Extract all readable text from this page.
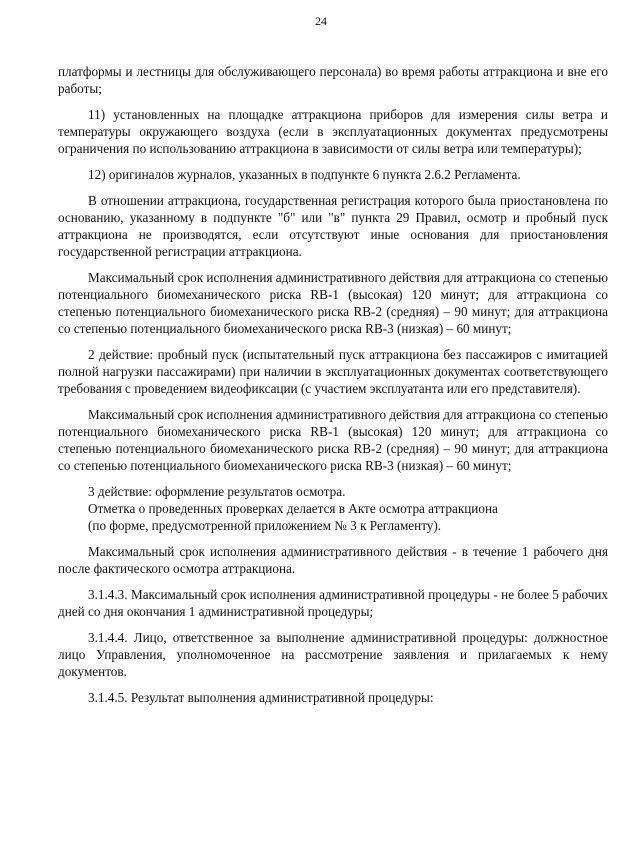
24

платформы и лестницы для обслуживающего персонала) во время работы аттракциона и вне его работы;

11) установленных на площадке аттракциона приборов для измерения силы ветра и температуры окружающего воздуха (если в эксплуатационных документах предусмотрены ограничения по использованию аттракциона в зависимости от силы ветра или температуры);

12) оригиналов журналов, указанных в подпункте 6 пункта 2.6.2 Регламента.

В отношении аттракциона, государственная регистрация которого была приостановлена по основанию, указанному в подпункте "б" или "в" пункта 29 Правил, осмотр и пробный пуск аттракциона не производятся, если отсутствуют иные основания для приостановления государственной регистрации аттракциона.

Максимальный срок исполнения административного действия для аттракциона со степенью потенциального биомеханического риска RB-1 (высокая) 120 минут; для аттракциона со степенью потенциального биомеханического риска RB-2 (средняя) – 90 минут; для аттракциона со степенью потенциального биомеханического риска RB-3 (низкая) – 60 минут;

2 действие: пробный пуск (испытательный пуск аттракциона без пассажиров с имитацией полной нагрузки пассажирами) при наличии в эксплуатационных документах соответствующего требования с проведением видеофиксации (с участием эксплуатанта или его представителя).

Максимальный срок исполнения административного действия для аттракциона со степенью потенциального биомеханического риска RB-1 (высокая) 120 минут; для аттракциона со степенью потенциального биомеханического риска RB-2 (средняя) – 90 минут; для аттракциона со степенью потенциального биомеханического риска RB-3 (низкая) – 60 минут;

3 действие: оформление результатов осмотра.
Отметка о проведенных проверках делается в Акте осмотра аттракциона
(по форме, предусмотренной приложением № 3 к Регламенту).

Максимальный срок исполнения административного действия - в течение 1 рабочего дня после фактического осмотра аттракциона.

3.1.4.3. Максимальный срок исполнения административной процедуры - не более 5 рабочих дней со дня окончания 1 административной процедуры;

3.1.4.4. Лицо, ответственное за выполнение административной процедуры: должностное лицо Управления, уполномоченное на рассмотрение заявления и прилагаемых к нему документов.

3.1.4.5. Результат выполнения административной процедуры:
